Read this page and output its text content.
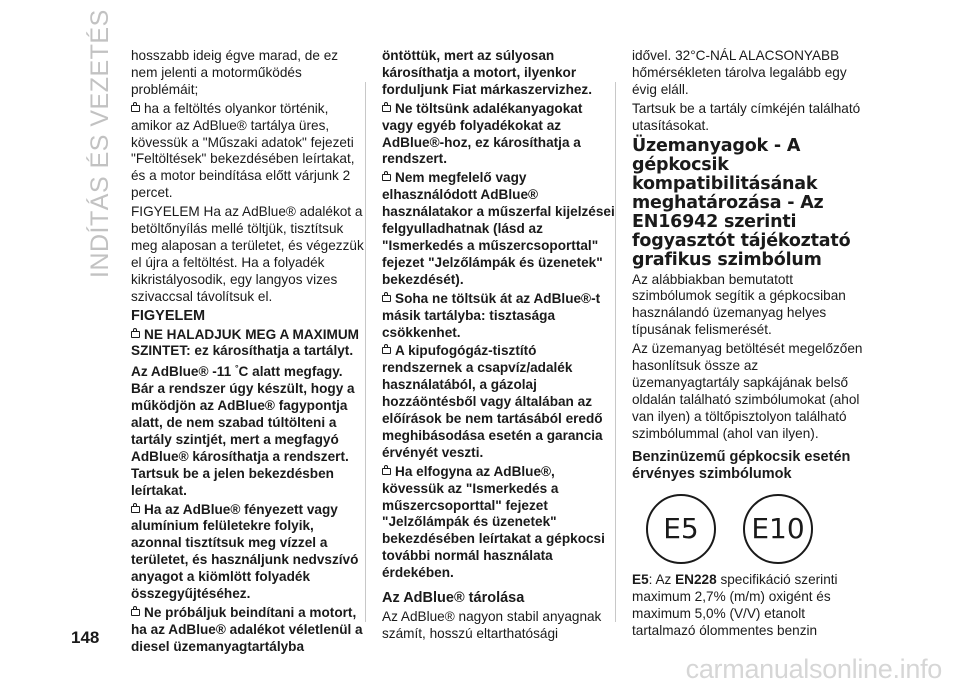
INDÍTÁS ÉS VEZETÉS hosszabb ideig égve marad, de ez nem jelenti a motorműködés problémáit;

ha a feltöltés olyankor történik, amikor az AdBlue® tartálya üres, kövessük a "Műszaki adatok" fejezeti "Feltöltések" bekezdésében leírtakat, és a motor beindítása előtt várjunk 2 percet.

FIGYELEM Ha az AdBlue® adalékot a betöltőnyílás mellé töltjük, tisztítsuk meg alaposan a területet, és végezzük el újra a feltöltést. Ha a folyadék kikristályosodik, egy langyos vizes szivaccsal távolítsuk el.

FIGYELEM

NE HALADJUK MEG A MAXIMUM SZINTET: ez károsíthatja a tartályt. Az AdBlue® -11 °C alatt megfagy. Bár a rendszer úgy készült, hogy a működjön az AdBlue® fagypontja alatt, de nem szabad túltölteni a tartály szintjét, mert a megfagyó AdBlue® károsíthatja a rendszert. Tartsuk be a jelen bekezdésben leírtakat.

Ha az AdBlue® fényezett vagy alumínium felületekre folyik, azonnal tisztítsuk meg vízzel a területet, és használjunk nedvszívó anyagot a kiömlött folyadék összegyűjtéséhez.

Ne próbáljuk beindítani a motort, ha az AdBlue® adalékot véletlenül a diesel üzemanyagtartályba

öntöttük, mert az súlyosan károsíthatja a motort, ilyenkor forduljunk Fiat márkaszervizhez.

Ne töltsünk adalékanyagokat vagy egyéb folyadékokat az AdBlue®-hoz, ez károsíthatja a rendszert.

Nem megfelelő vagy elhasználódott AdBlue® használatakor a műszerfal kijelzései felgyulladhatnak (lásd az "Ismerkedés a műszercsoporttal" fejezet "Jelzőlámpák és üzenetek" bekezdését).

Soha ne töltsük át az AdBlue®-t másik tartályba: tisztasága csökkenhet.

A kipufogógáz-tisztító rendszernek a csapvíz/adalék használatából, a gázolaj hozzáöntésből vagy általában az előírások be nem tartásából eredő meghibásodása esetén a garancia érvényét veszti.

Ha elfogyna az AdBlue®, kövessük az "Ismerkedés a műszercsoporttal" fejezet "Jelzőlámpák és üzenetek" bekezdésében leírtakat a gépkocsi további normál használata érdekében.

Az AdBlue® tárolása

Az AdBlue® nagyon stabil anyagnak számít, hosszú eltarthatósági

idővel. 32°C-NÁL ALACSONYABB hőmérsékleten tárolva legalább egy évig eláll.

Tartsuk be a tartály címkéjén található utasításokat.

Üzemanyagok - A gépkocsik kompatibilitásának meghatározása - Az EN16942 szerinti fogyasztót tájékoztató grafikus szimbólum

Az alábbiakban bemutatott szimbólumok segítik a gépkocsiban használandó üzemanyag helyes típusának felismerését.

Az üzemanyag betöltését megelőzően hasonlítsuk össze az üzemanyagtartály sapkájának belső oldalán található szimbólumokat (ahol van ilyen) a töltőpisztolyon található szimbólummal (ahol van ilyen).

Benzinüzemű gépkocsik esetén érvényes szimbólumok

E5	E10

E5: Az EN228 specifikáció szerinti maximum 2,7% (m/m) oxigént és maximum 5,0% (V/V) etanolt tartalmazó ólommentes benzin

148
carmanualsonline.info
